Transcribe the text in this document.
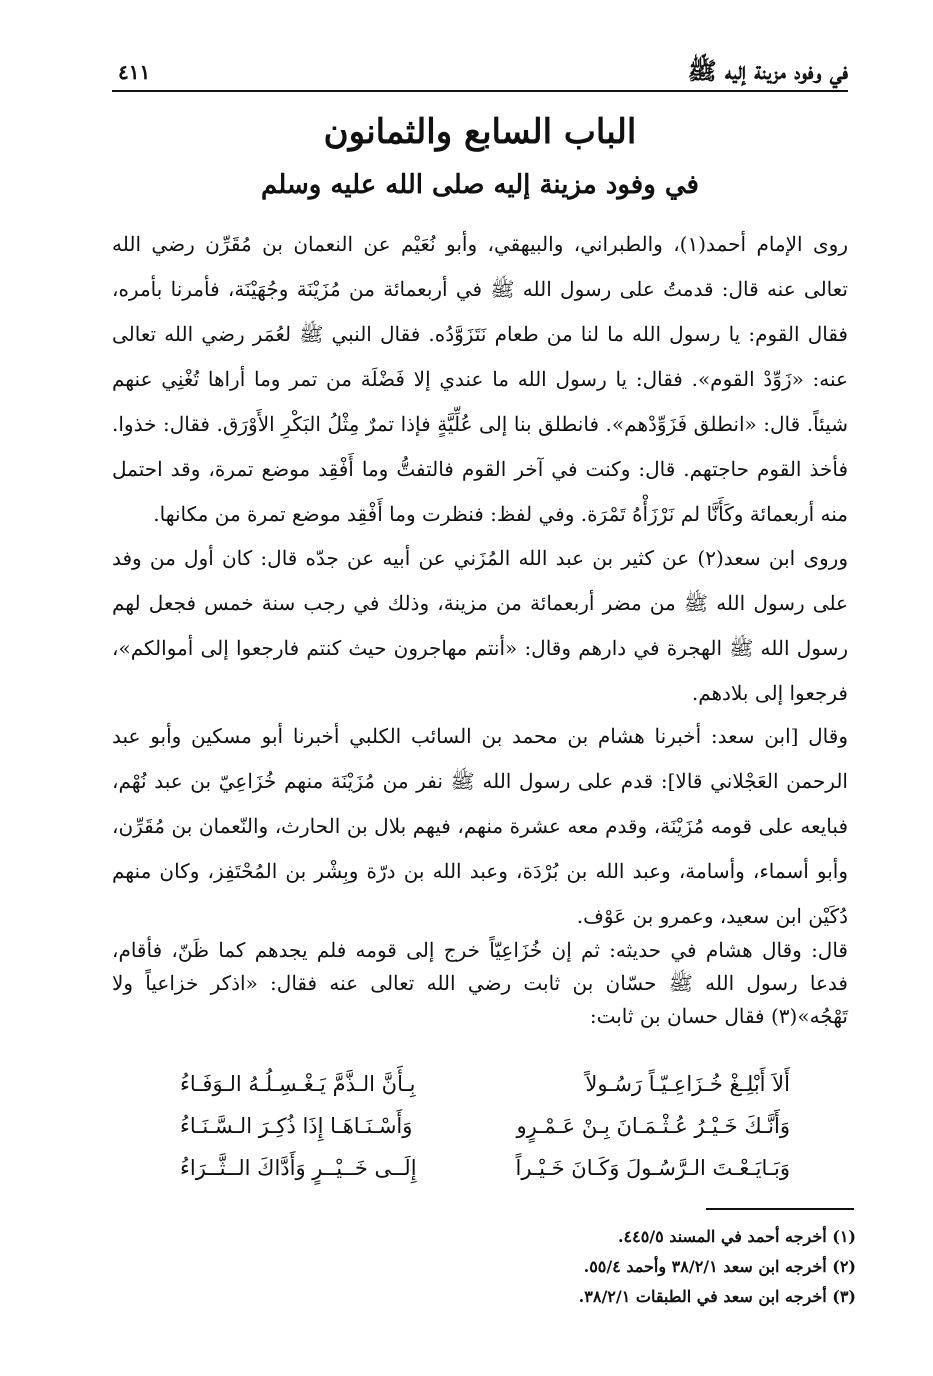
في وفود مزينة إليه ﷺ
٤١١
الباب السابع والثمانون
في وفود مزينة إليه صلى الله عليه وسلم

روى الإمام أحمد(١)، والطبراني، والبيهقي، وأبو نُعَيْم عن النعمان بن مُقَرِّن رضي الله تعالى عنه قال: قدمتُ على رسول الله ﷺ في أربعمائة من مُزَيْنَة وجُهَيْنَة، فأمرنا بأمره، فقال القوم: يا رسول الله ما لنا من طعام نَتَزَوَّدُه. فقال النبي ﷺ لعُمَر رضي الله تعالى عنه: «زَوِّدْ القوم». فقال: يا رسول الله ما عندي إلا فَضْلَة من تمر وما أراها تُغْنِي عنهم شيئاً. قال: «انطلق فَزَوِّدْهم». فانطلق بنا إلى عُلِّيَّةٍ فإذا تمرٌ مِثْلُ البَكْرِ الأَوْرَق. فقال: خذوا. فأخذ القوم حاجتهم. قال: وكنت في آخر القوم فالتفتُّ وما أَفْقِد موضع تمرة، وقد احتمل منه أربعمائة وكَأَنَّا لم نَرْزَأْهُ تَمْرَة. وفي لفظ: فنظرت وما أَفْقِد موضع تمرة من مكانها.

وروى ابن سعد(٢) عن كثير بن عبد الله المُزَني عن أبيه عن جدّه قال: كان أول من وفد على رسول الله ﷺ من مضر أربعمائة من مزينة، وذلك في رجب سنة خمس فجعل لهم رسول الله ﷺ الهجرة في دارهم وقال: «أنتم مهاجرون حيث كنتم فارجعوا إلى أموالكم»، فرجعوا إلى بلادهم.

وقال [ابن سعد: أخبرنا هشام بن محمد بن السائب الكلبي أخبرنا أبو مسكين وأبو عبد الرحمن العَجْلاني قالا]: قدم على رسول الله ﷺ نفر من مُزَيْنَة منهم خُزَاعِيّ بن عبد نُهْم، فبايعه على قومه مُزَيْنَة، وقدم معه عشرة منهم، فيهم بلال بن الحارث، والنّعمان بن مُقَرِّن، وأبو أسماء، وأسامة، وعبد الله بن بُرْدَة، وعبد الله بن درّة وبِشْر بن المُحْتَفِز، وكان منهم دُكَيْن ابن سعيد، وعمرو بن عَوْف.

قال: وقال هشام في حديثه: ثم إن خُزَاعِيّاً خرج إلى قومه فلم يجدهم كما ظَنّ، فأقام، فدعا رسول الله ﷺ حسّان بن ثابت رضي الله تعالى عنه فقال: «اذكر خزاعياً ولا تَهْجُه»(٣) فقال حسان بن ثابت:

أَلاَ أَبْلِـغْ خُـزَاعِـيّـاً رَسُـولاً
بِـأَنَّ الـذَّمَّ يَـغْـسِـلُـهُ الـوَفَـاءُ
وَأَنَّـكَ خَـيْـرُ عُـثْـمَـانَ بِـنْ عَـمْـرٍو
وَأَسْـنَـاهَـا إِذَا ذُكِـرَ الـسَّـنَـاءُ
وَبَـايَـعْـتَ الـرَّسُـولَ وَكَـانَ خَـيْـراً
إِلَــى خَــيْــرٍ وَأَدَّاكَ الــثَّــرَاءُ
(١) أخرجه أحمد في المسند ٤٤٥/٥.
(٢) أخرجه ابن سعد ٣٨/٢/١ وأحمد ٥٥/٤.
(٣) أخرجه ابن سعد في الطبقات ٣٨/٢/١.
